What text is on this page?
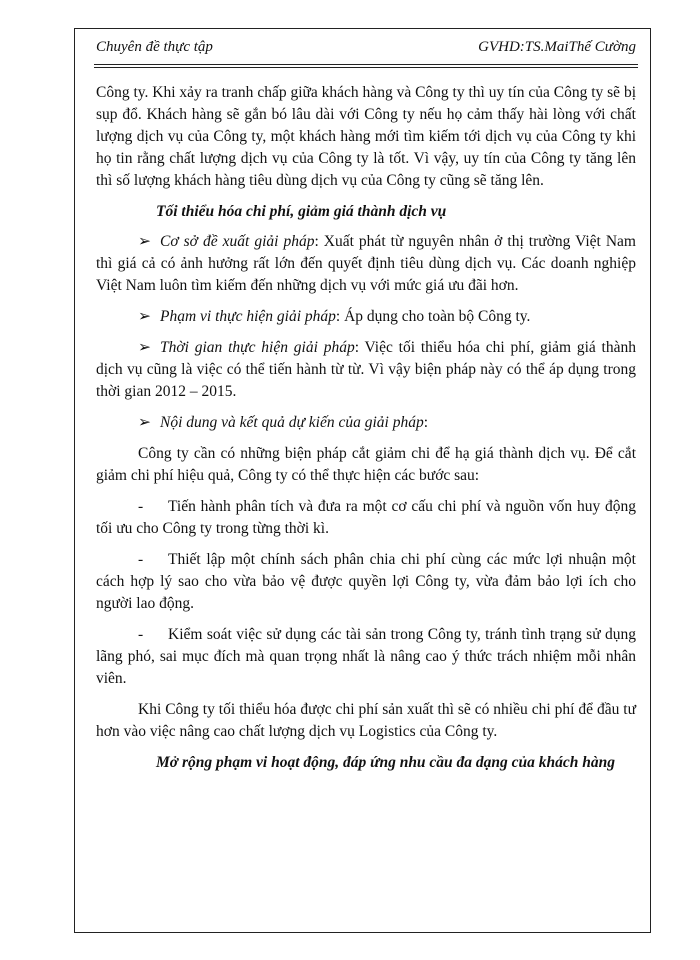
Chuyên đề thực tập	GVHD:TS.MaiThế Cường

Công ty. Khi xảy ra tranh chấp giữa khách hàng và Công ty thì uy tín của Công ty sẽ bị sụp đổ. Khách hàng sẽ gắn bó lâu dài với Công ty nếu họ cảm thấy hài lòng với chất lượng dịch vụ của Công ty, một khách hàng mới tìm kiếm tới dịch vụ của Công ty khi họ tin rằng chất lượng dịch vụ của Công ty là tốt. Vì vậy, uy tín của Công ty tăng lên thì số lượng khách hàng tiêu dùng dịch vụ của Công ty cũng sẽ tăng lên.

Tối thiểu hóa chi phí, giảm giá thành dịch vụ

➢ Cơ sở đề xuất giải pháp: Xuất phát từ nguyên nhân ở thị trường Việt Nam thì giá cả có ảnh hưởng rất lớn đến quyết định tiêu dùng dịch vụ. Các doanh nghiệp Việt Nam luôn tìm kiếm đến những dịch vụ với mức giá ưu đãi hơn.

➢ Phạm vi thực hiện giải pháp: Áp dụng cho toàn bộ Công ty.

➢ Thời gian thực hiện giải pháp: Việc tối thiểu hóa chi phí, giảm giá thành dịch vụ cũng là việc có thể tiến hành từ từ. Vì vậy biện pháp này có thể áp dụng trong thời gian 2012 – 2015.

➢ Nội dung và kết quả dự kiến của giải pháp:

Công ty cần có những biện pháp cắt giảm chi để hạ giá thành dịch vụ. Để cắt giảm chi phí hiệu quả, Công ty có thể thực hiện các bước sau:

- Tiến hành phân tích và đưa ra một cơ cấu chi phí và nguồn vốn huy động tối ưu cho Công ty trong từng thời kì.

- Thiết lập một chính sách phân chia chi phí cùng các mức lợi nhuận một cách hợp lý sao cho vừa bảo vệ được quyền lợi Công ty, vừa đảm bảo lợi ích cho người lao động.

- Kiểm soát việc sử dụng các tài sản trong Công ty, tránh tình trạng sử dụng lãng phó, sai mục đích mà quan trọng nhất là nâng cao ý thức trách nhiệm mỗi nhân viên.

Khi Công ty tối thiểu hóa được chi phí sản xuất thì sẽ có nhiều chi phí để đầu tư hơn vào việc nâng cao chất lượng dịch vụ Logistics của Công ty.

Mở rộng phạm vi hoạt động, đáp ứng nhu cầu đa dạng của khách hàng
